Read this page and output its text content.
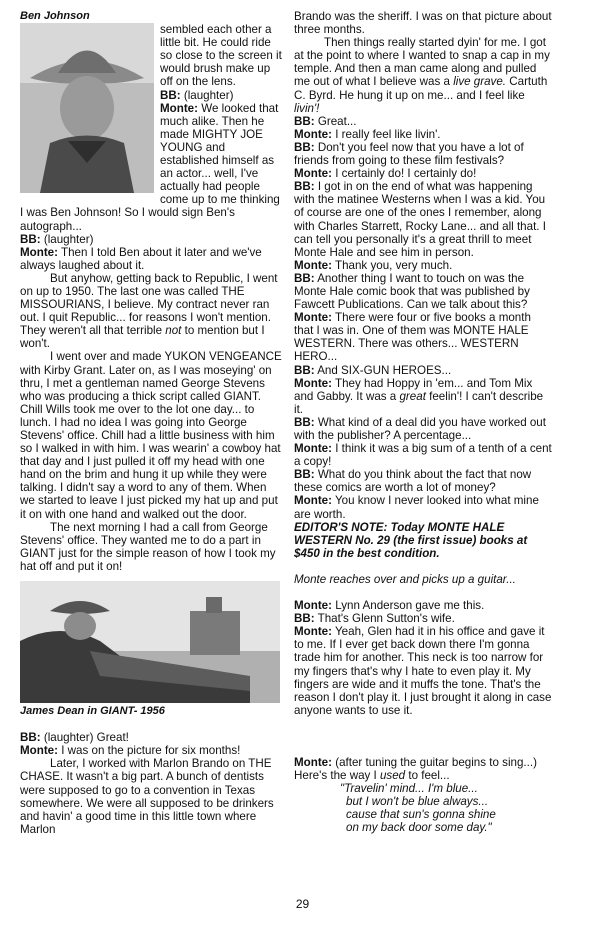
Ben Johnson

sembled each other a little bit. He could ride so close to the screen it would brush make up off on the lens.

BB: (laughter)

Monte: We looked that much alike. Then he made MIGHTY JOE YOUNG and established himself as an actor... well, I've actually had people come up to me thinking I was Ben Johnson! So I would sign Ben's autograph...

BB: (laughter)

Monte: Then I told Ben about it later and we've always laughed about it.

But anyhow, getting back to Republic, I went on up to 1950. The last one was called THE MISSOURIANS, I believe. My contract never ran out. I quit Republic... for reasons I won't mention. They weren't all that terrible not to mention but I won't.

I went over and made YUKON VENGEANCE with Kirby Grant. Later on, as I was moseying' on thru, I met a gentleman named George Stevens who was producing a thick script called GIANT. Chill Wills took me over to the lot one day... to lunch. I had no idea I was going into George Stevens' office. Chill had a little business with him so I walked in with him. I was wearin' a cowboy hat that day and I just pulled it off my head with one hand on the brim and hung it up while they were talking. I didn't say a word to any of them. When we started to leave I just picked my hat up and put it on with one hand and walked out the door.

The next morning I had a call from George Stevens' office. They wanted me to do a part in GIANT just for the simple reason of how I took my hat off and put it on!

James Dean in GIANT- 1956

BB: (laughter) Great!

Monte: I was on the picture for six months!

Later, I worked with Marlon Brando on THE CHASE. It wasn't a big part. A bunch of dentists were supposed to go to a convention in Texas somewhere. We were all supposed to be drinkers and havin' a good time in this little town where Marlon

Brando was the sheriff. I was on that picture about three months.

Then things really started dyin' for me. I got at the point to where I wanted to snap a cap in my temple. And then a man came along and pulled me out of what I believe was a live grave. Cartuth C. Byrd. He hung it up on me... and I feel like livin'!

BB: Great...

Monte: I really feel like livin'.

BB: Don't you feel now that you have a lot of friends from going to these film festivals?

Monte: I certainly do! I certainly do!

BB: I got in on the end of what was happening with the matinee Westerns when I was a kid. You of course are one of the ones I remember, along with Charles Starrett, Rocky Lane... and all that. I can tell you personally it's a great thrill to meet Monte Hale and see him in person.

Monte: Thank you, very much.

BB: Another thing I want to touch on was the Monte Hale comic book that was published by Fawcett Publications. Can we talk about this?

Monte: There were four or five books a month that I was in. One of them was MONTE HALE WESTERN. There was others... WESTERN HERO...

BB: And SIX-GUN HEROES...

Monte: They had Hoppy in 'em... and Tom Mix and Gabby. It was a great feelin'! I can't describe it.

BB: What kind of a deal did you have worked out with the publisher? A percentage...

Monte: I think it was a big sum of a tenth of a cent a copy!

BB: What do you think about the fact that now these comics are worth a lot of money?

Monte: You know I never looked into what mine are worth.

EDITOR'S NOTE: Today MONTE HALE WESTERN No. 29 (the first issue) books at $450 in the best condition.

Monte reaches over and picks up a guitar...

Monte: Lynn Anderson gave me this.

BB: That's Glenn Sutton's wife.

Monte: Yeah, Glen had it in his office and gave it to me. If I ever get back down there I'm gonna trade him for another. This neck is too narrow for my fingers that's why I hate to even play it. My fingers are wide and it muffs the tone. That's the reason I don't play it. I just brought it along in case anyone wants to use it.

Monte: (after tuning the guitar begins to sing...) Here's the way I used to feel...

"Travelin' mind... I'm blue...

but I won't be blue always...

cause that sun's gonna shine

on my back door some day."

29
